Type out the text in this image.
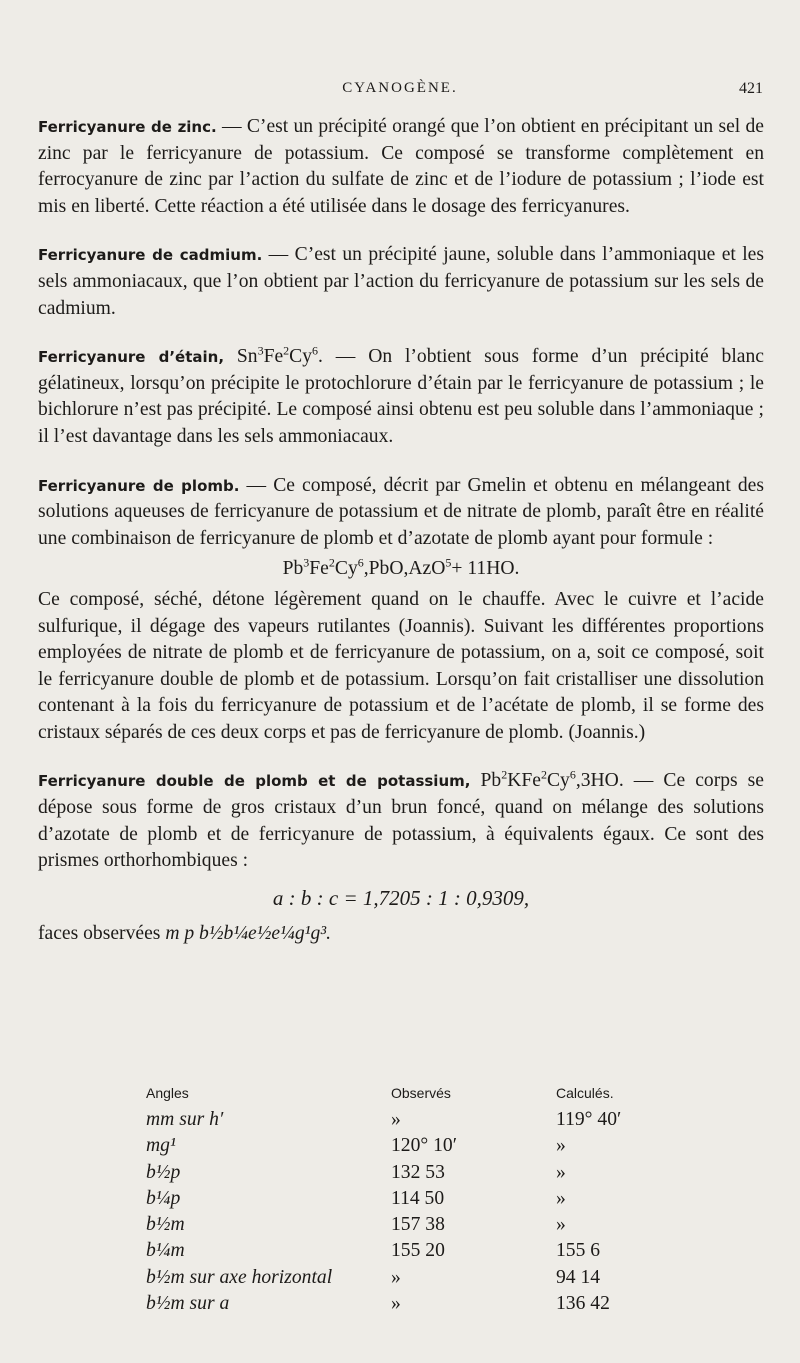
CYANOGÈNE.	421

Ferricyanure de zinc. — C’est un précipité orangé que l’on obtient en précipitant un sel de zinc par le ferricyanure de potassium. Ce composé se transforme complètement en ferrocyanure de zinc par l’action du sulfate de zinc et de l’iodure de potassium ; l’iode est mis en liberté. Cette réaction a été utilisée dans le dosage des ferricyanures.

Ferricyanure de cadmium. — C’est un précipité jaune, soluble dans l’ammoniaque et les sels ammoniacaux, que l’on obtient par l’action du ferricyanure de potassium sur les sels de cadmium.

Ferricyanure d’étain, Sn$^3$Fe$^2$Cy$^6$. — On l’obtient sous forme d’un précipité blanc gélatineux, lorsqu’on précipite le protochlorure d’étain par le ferricyanure de potassium ; le bichlorure n’est pas précipité. Le composé ainsi obtenu est peu soluble dans l’ammoniaque ; il l’est davantage dans les sels ammoniacaux.

Ferricyanure de plomb. — Ce composé, décrit par Gmelin et obtenu en mélangeant des solutions aqueuses de ferricyanure de potassium et de nitrate de plomb, paraît être en réalité une combinaison de ferricyanure de plomb et d’azotate de plomb ayant pour formule :

$Pb^3Fe^2Cy^6,PbO,AzO^5+ 11HO$.

Ce composé, séché, détone légèrement quand on le chauffe. Avec le cuivre et l’acide sulfurique, il dégage des vapeurs rutilantes (Joannis). Suivant les différentes proportions employées de nitrate de plomb et de ferricyanure de potassium, on a, soit ce composé, soit le ferricyanure double de plomb et de potassium. Lorsqu’on fait cristalliser une dissolution contenant à la fois du ferricyanure de potassium et de l’acétate de plomb, il se forme des cristaux séparés de ces deux corps et pas de ferricyanure de plomb. (Joannis.)

Ferricyanure double de plomb et de potassium, Pb$^2$KFe$^2$Cy$^6$,3HO. — Ce corps se dépose sous forme de gros cristaux d’un brun foncé, quand on mélange des solutions d’azotate de plomb et de ferricyanure de potassium, à équivalents égaux. Ce sont des prismes orthorhombiques :

a : b : c = 1,7205 : 1 : 0,9309,

faces observées m p b½b¼e½e¼g¹g³.

Angles	Observés	Calculés.
mm sur h′	»	119° 40′
mg¹	120° 10′	»
b½p	132 53	»
b¼p	114 50	»
b½m	157 38	»
b¼m	155 20	155 6
b½m sur axe horizontal	»	94 14
b½m sur a	»	136 42
